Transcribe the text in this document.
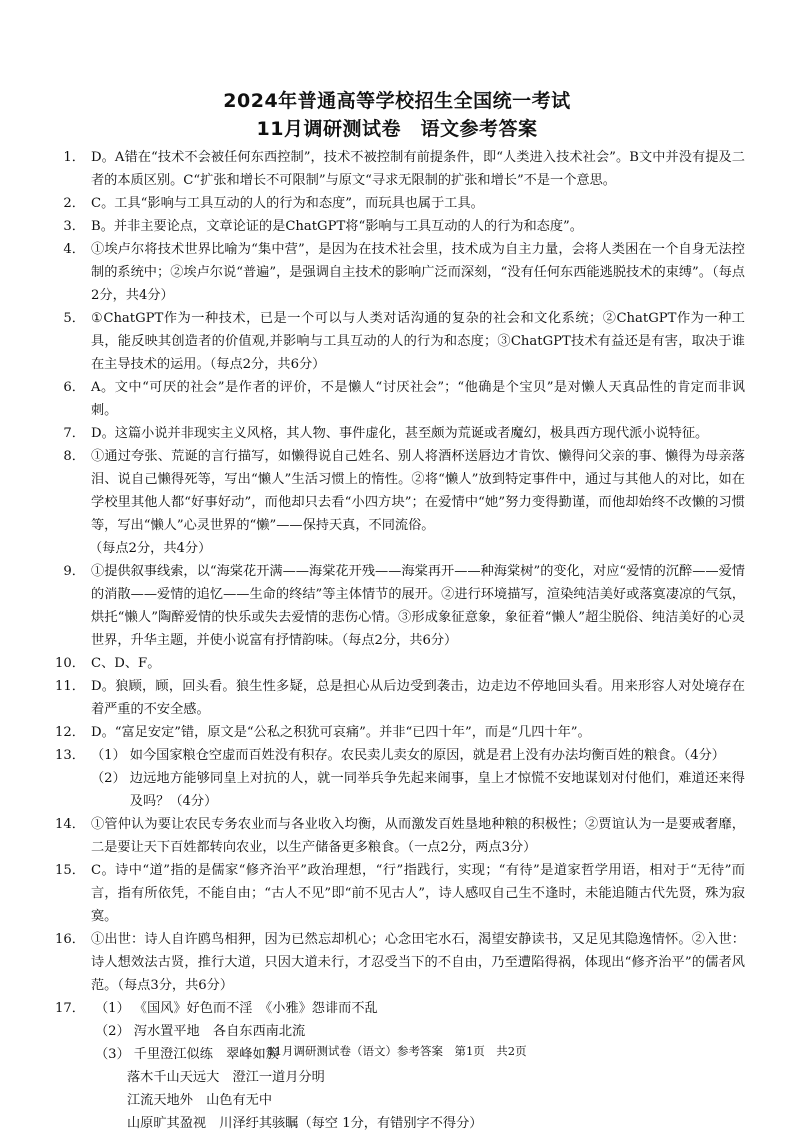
2024年普通高等学校招生全国统一考试
11月调研测试卷　语文参考答案
1． D。A错在“技术不会被任何东西控制”，技术不被控制有前提条件，即“人类进入技术社会”。B文中并没有提及二者的本质区别。C“扩张和增长不可限制”与原文“寻求无限制的扩张和增长”不是一个意思。
2． C。工具“影响与工具互动的人的行为和态度”，而玩具也属于工具。
3． B。并非主要论点，文章论证的是ChatGPT将“影响与工具互动的人的行为和态度”。
4． ①埃卢尔将技术世界比喻为“集中营”，是因为在技术社会里，技术成为自主力量，会将人类困在一个自身无法控制的系统中；②埃卢尔说“普遍”，是强调自主技术的影响广泛而深刻，“没有任何东西能逃脱技术的束缚”。（每点2分，共4分）
5． ①ChatGPT作为一种技术，已是一个可以与人类对话沟通的复杂的社会和文化系统；②ChatGPT作为一种工具，能反映其创造者的价值观,并影响与工具互动的人的行为和态度；③ChatGPT技术有益还是有害，取决于谁在主导技术的运用。（每点2分，共6分）
6． A。文中“可厌的社会”是作者的评价，不是懒人“讨厌社会”；“他确是个宝贝”是对懒人天真品性的肯定而非讽刺。
7． D。这篇小说并非现实主义风格，其人物、事件虚化，甚至颇为荒诞或者魔幻，极具西方现代派小说特征。
8． ①通过夸张、荒诞的言行描写，如懒得说自己姓名、别人将酒杯送唇边才肯饮、懒得问父亲的事、懒得为母亲落泪、说自己懒得死等，写出“懒人”生活习惯上的惰性。②将“懒人”放到特定事件中，通过与其他人的对比，如在学校里其他人都“好事好动”，而他却只去看“小四方块”；在爱情中“她”努力变得勤谨，而他却始终不改懒的习惯等，写出“懒人”心灵世界的“懒”——保持天真，不同流俗。
（每点2分，共4分）
9． ①提供叙事线索，以“海棠花开满——海棠花开残——海棠再开——种海棠树”的变化，对应“爱情的沉醉——爱情的消散——爱情的追忆——生命的终结”等主体情节的展开。②进行环境描写，渲染纯洁美好或落寞凄凉的气氛，烘托“懒人”陶醉爱情的快乐或失去爱情的悲伤心情。③形成象征意象，象征着“懒人”超尘脱俗、纯洁美好的心灵世界，升华主题，并使小说富有抒情韵味。（每点2分，共6分）
10． C、D、F。
11． D。狼顾，顾，回头看。狼生性多疑，总是担心从后边受到袭击，边走边不停地回头看。用来形容人对处境存在着严重的不安全感。
12． D。“富足安定”错，原文是“公私之积犹可哀痛”。并非“已四十年”，而是“几四十年”。
13． （1） 如今国家粮仓空虚而百姓没有积存。农民卖儿卖女的原因，就是君上没有办法均衡百姓的粮食。（4分）
（2） 边远地方能够同皇上对抗的人，就一同举兵争先起来闹事，皇上才惊慌不安地谋划对付他们，难道还来得及吗？（4分）
14． ①管仲认为要让农民专务农业而与各业收入均衡，从而激发百姓垦地种粮的积极性；②贾谊认为一是要戒奢靡，二是要让天下百姓都转向农业，以生产储备更多粮食。（一点2分，两点3分）
15． C。诗中“道”指的是儒家“修齐治平”政治理想，“行”指践行，实现；“有待”是道家哲学用语，相对于“无待”而言，指有所依凭，不能自由；“古人不见”即“前不见古人”，诗人感叹自己生不逢时，未能追随古代先贤，殊为寂寞。
16． ①出世：诗人自许鸥鸟相狎，因为已然忘却机心；心念田宅水石，渴望安静读书，又足见其隐逸情怀。②入世：诗人想效法古贤，推行大道，只因大道未行，才忍受当下的不自由，乃至遭陷得祸，体现出“修齐治平”的儒者风范。（每点3分，共6分）
17． （1） 《国风》好色而不淫　《小雅》怨诽而不乱
（2） 泻水置平地　各自东西南北流
（3） 千里澄江似练　翠峰如簇
落木千山天远大　澄江一道月分明
江流天地外　山色有无中
山原旷其盈视　川泽纡其骇瞩（每空 1分，有错别字不得分）
11月调研测试卷（语文）参考答案　第1页　共2页
